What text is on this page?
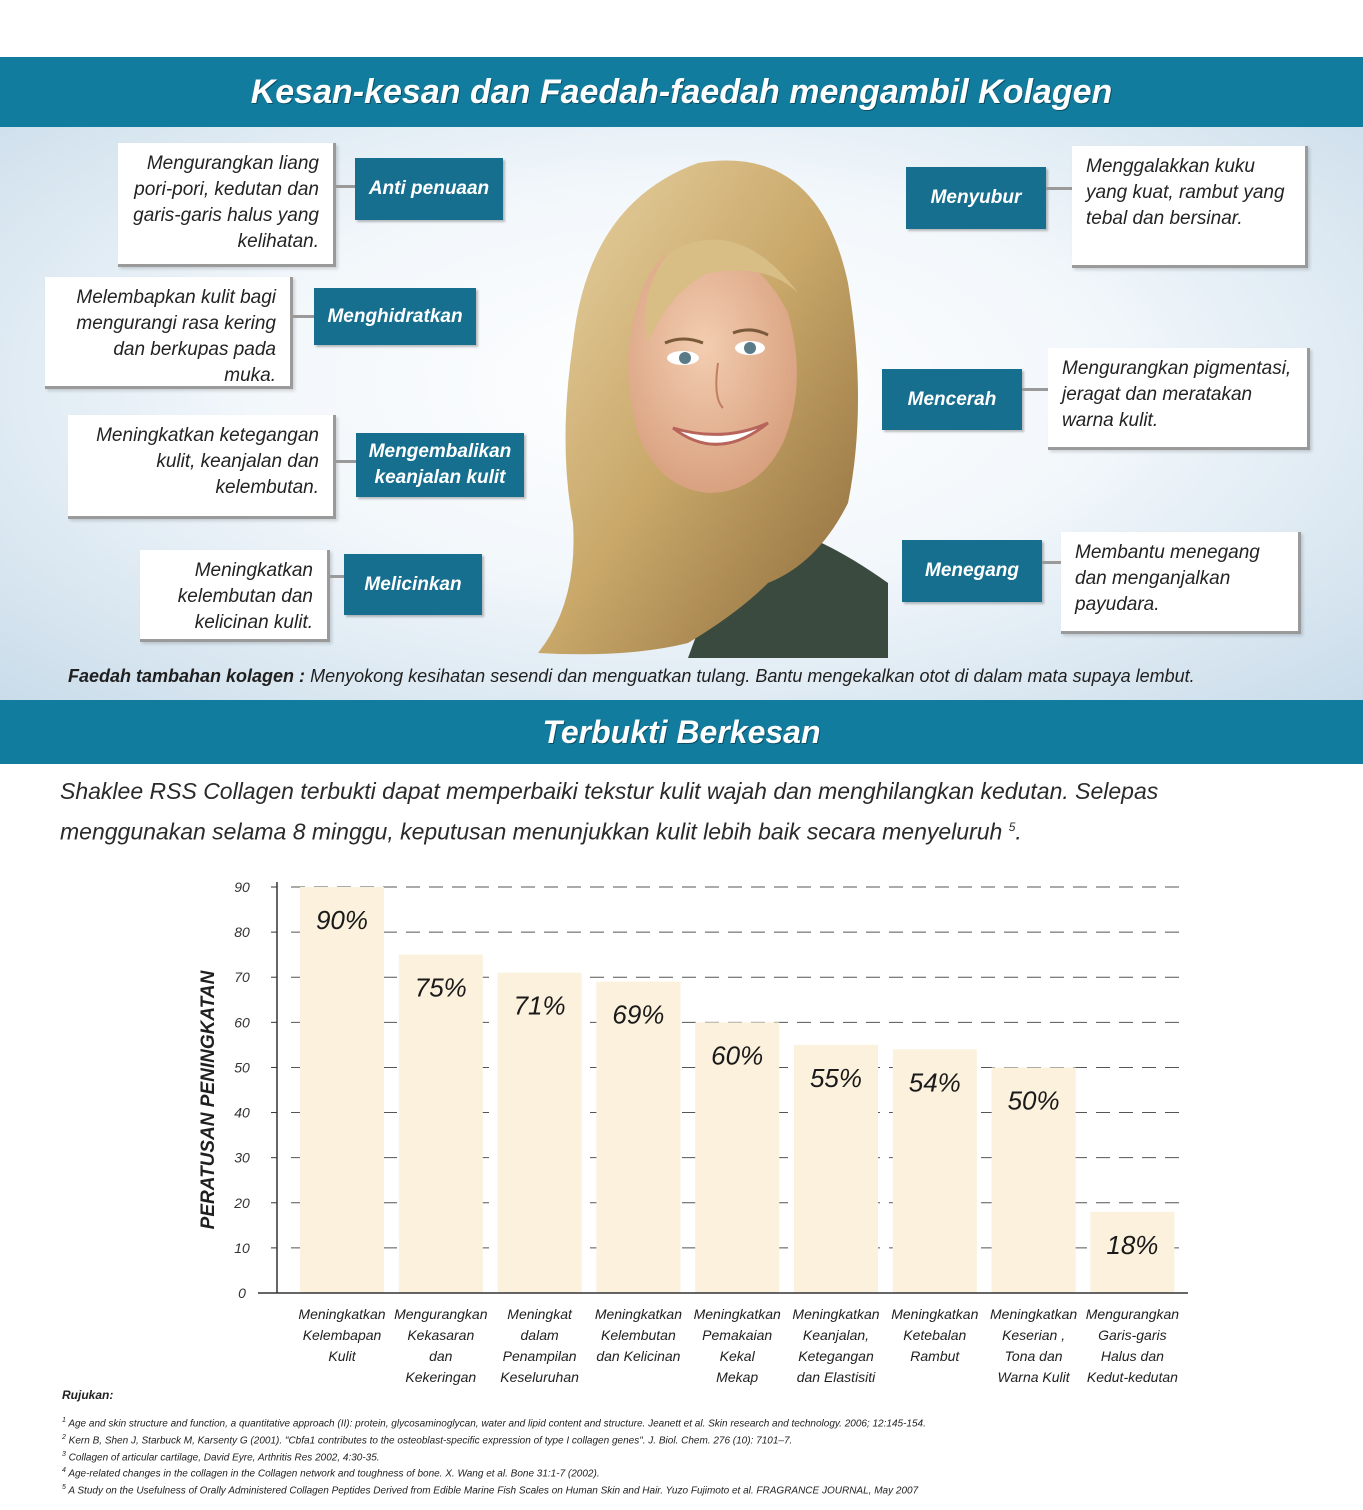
Kesan-kesan dan Faedah-faedah mengambil Kolagen
Mengurangkan liang pori-pori, kedutan dan garis-garis halus yang kelihatan.
Anti penuaan
Melembapkan kulit bagi mengurangi rasa kering dan berkupas pada muka.
Menghidratkan
Meningkatkan ketegangan kulit, keanjalan dan kelembutan.
Mengembalikan keanjalan kulit
Meningkatkan kelembutan dan kelicinan kulit.
Melicinkan
Menyubur
Menggalakkan kuku yang kuat, rambut yang tebal dan bersinar.
Mencerah
Mengurangkan pigmentasi, jeragat dan meratakan warna kulit.
Menegang
Membantu menegang dan menganjalkan payudara.
Faedah tambahan kolagen : Menyokong kesihatan sesendi dan menguatkan tulang. Bantu mengekalkan otot di dalam mata supaya lembut.
Terbukti Berkesan
Shaklee RSS Collagen terbukti dapat memperbaiki tekstur kulit wajah dan menghilangkan kedutan. Selepas menggunakan selama 8 minggu, keputusan menunjukkan kulit lebih baik secara menyeluruh $^5$.
0
10
20
30
40
50
60
70
80
90
PERATUSAN PENINGKATAN
90%
75%
71% 69%
60%
55% 54%
50%
18%
Meningkatkan Kelembapan Kulit
Mengurangkan Kekasaran dan Kekeringan
Meningkat dalam Penampilan Keseluruhan
Meningkatkan Kelembutan dan Kelicinan
Meningkatkan Pemakaian Kekal Mekap
Meningkatkan Keanjalan, Ketegangan dan Elastisiti
Meningkatkan Ketebalan Rambut
Meningkatkan Keserian , Tona dan Warna Kulit
Mengurangkan Garis-garis Halus dan Kedut-kedutan
Rujukan:
$^1$ Age and skin structure and function, a quantitative approach (II): protein, glycosaminoglycan, water and lipid content and structure. Jeanett et al. Skin research and technology. 2006; 12:145-154.
$^2$ Kern B, Shen J, Starbuck M, Karsenty G (2001). "Cbfa1 contributes to the osteoblast-specific expression of type I collagen genes". J. Biol. Chem. 276 (10): 7101–7.
$^3$ Collagen of articular cartilage, David Eyre, Arthritis Res 2002, 4:30-35.
$^4$ Age-related changes in the collagen in the Collagen network and toughness of bone. X. Wang et al. Bone 31:1-7 (2002).
$^5$ A Study on the Usefulness of Orally Administered Collagen Peptides Derived from Edible Marine Fish Scales on Human Skin and Hair. Yuzo Fujimoto et al. FRAGRANCE JOURNAL, May 2007
